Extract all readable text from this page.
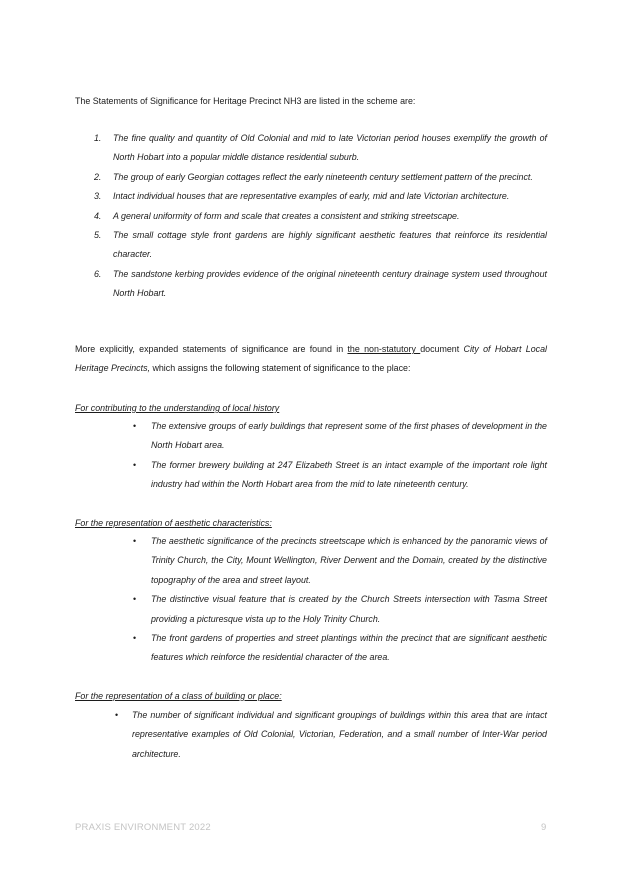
The Statements of Significance for Heritage Precinct NH3 are listed in the scheme are:

1. The fine quality and quantity of Old Colonial and mid to late Victorian period houses exemplify the growth of North Hobart into a popular middle distance residential suburb.
2. The group of early Georgian cottages reflect the early nineteenth century settlement pattern of the precinct.
3. Intact individual houses that are representative examples of early, mid and late Victorian architecture.
4. A general uniformity of form and scale that creates a consistent and striking streetscape.
5. The small cottage style front gardens are highly significant aesthetic features that reinforce its residential character.
6. The sandstone kerbing provides evidence of the original nineteenth century drainage system used throughout North Hobart.

More explicitly, expanded statements of significance are found in the non-statutory document City of Hobart Local Heritage Precincts, which assigns the following statement of significance to the place:

For contributing to the understanding of local history

• The extensive groups of early buildings that represent some of the first phases of development in the North Hobart area.
• The former brewery building at 247 Elizabeth Street is an intact example of the important role light industry had within the North Hobart area from the mid to late nineteenth century.

For the representation of aesthetic characteristics:

• The aesthetic significance of the precincts streetscape which is enhanced by the panoramic views of Trinity Church, the City, Mount Wellington, River Derwent and the Domain, created by the distinctive topography of the area and street layout.
• The distinctive visual feature that is created by the Church Streets intersection with Tasma Street providing a picturesque vista up to the Holy Trinity Church.
• The front gardens of properties and street plantings within the precinct that are significant aesthetic features which reinforce the residential character of the area.

For the representation of a class of building or place:

• The number of significant individual and significant groupings of buildings within this area that are intact representative examples of Old Colonial, Victorian, Federation, and a small number of Inter-War period architecture.
PRAXIS ENVIRONMENT 2022	9
